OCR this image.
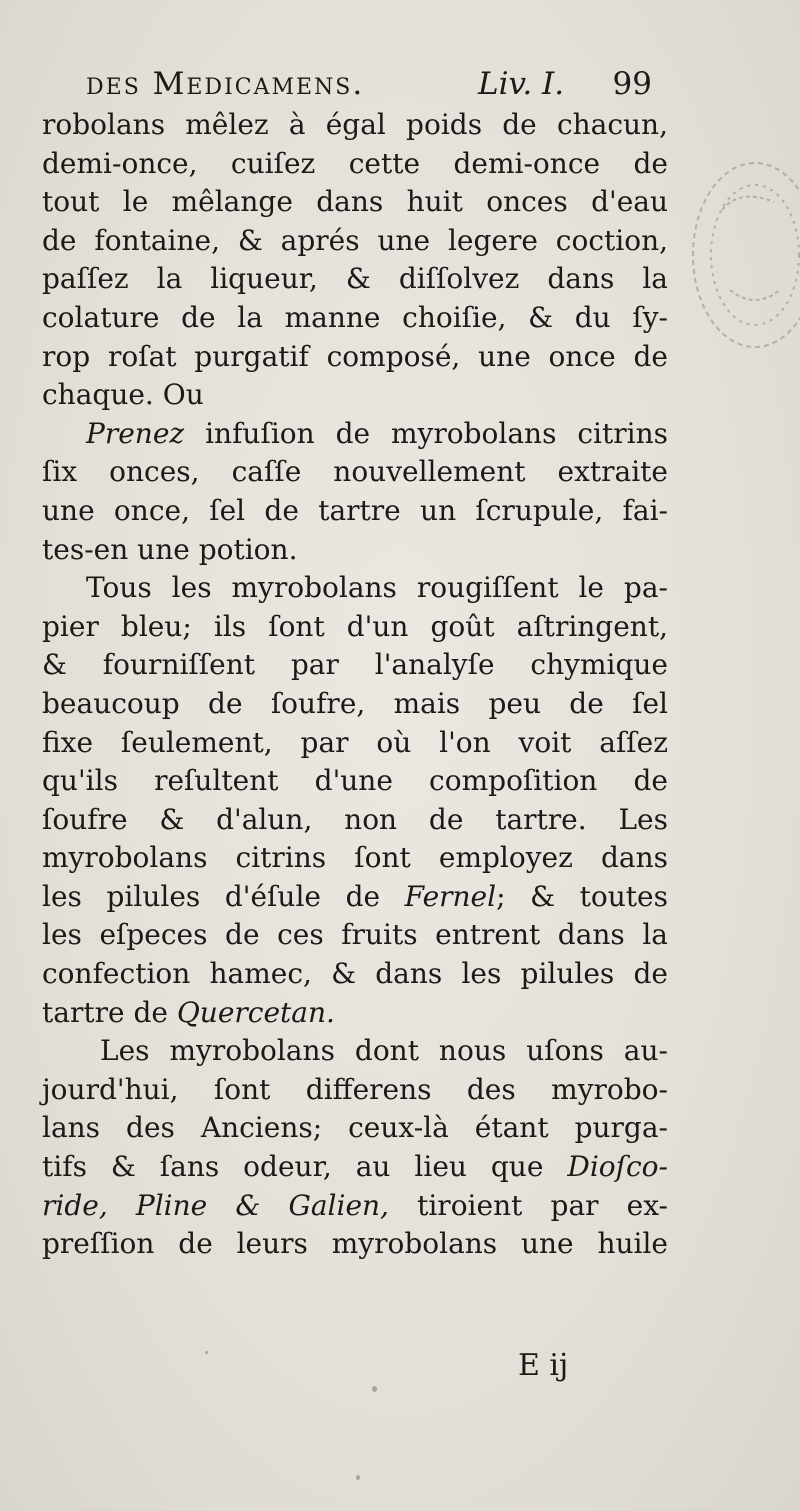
des Medicamens.	Liv. I. 99
robolans mêlez à égal poids de chacun,
demi-once, cuiſez cette demi-once de
tout le mêlange dans huit onces d'eau
de fontaine, & aprés une legere coction,
paſſez la liqueur, & diſſolvez dans la
colature de la manne choiſie, & du ſy-
rop roſat purgatif composé, une once de
chaque. Ou
Prenez infuſion de myrobolans citrins
ſix onces, caſſe nouvellement extraite
une once, ſel de tartre un ſcrupule, fai-
tes-en une potion.
Tous les myrobolans rougiſſent le pa-
pier bleu; ils ſont d'un goût aſtringent,
& fourniſſent par l'analyſe chymique
beaucoup de ſoufre, mais peu de ſel
fixe ſeulement, par où l'on voit aſſez
qu'ils reſultent d'une compoſition de
ſoufre & d'alun, non de tartre. Les
myrobolans citrins ſont employez dans
les pilules d'éſule de Fernel; & toutes
les eſpeces de ces fruits entrent dans la
confection hamec, & dans les pilules de
tartre de Quercetan.
Les myrobolans dont nous uſons au-
jourd'hui, ſont differens des myrobo-
lans des Anciens; ceux-là étant purga-
tifs & ſans odeur, au lieu que Dioſco-
ride, Pline & Galien, tiroient par ex-
preſſion de leurs myrobolans une huile
E ij
